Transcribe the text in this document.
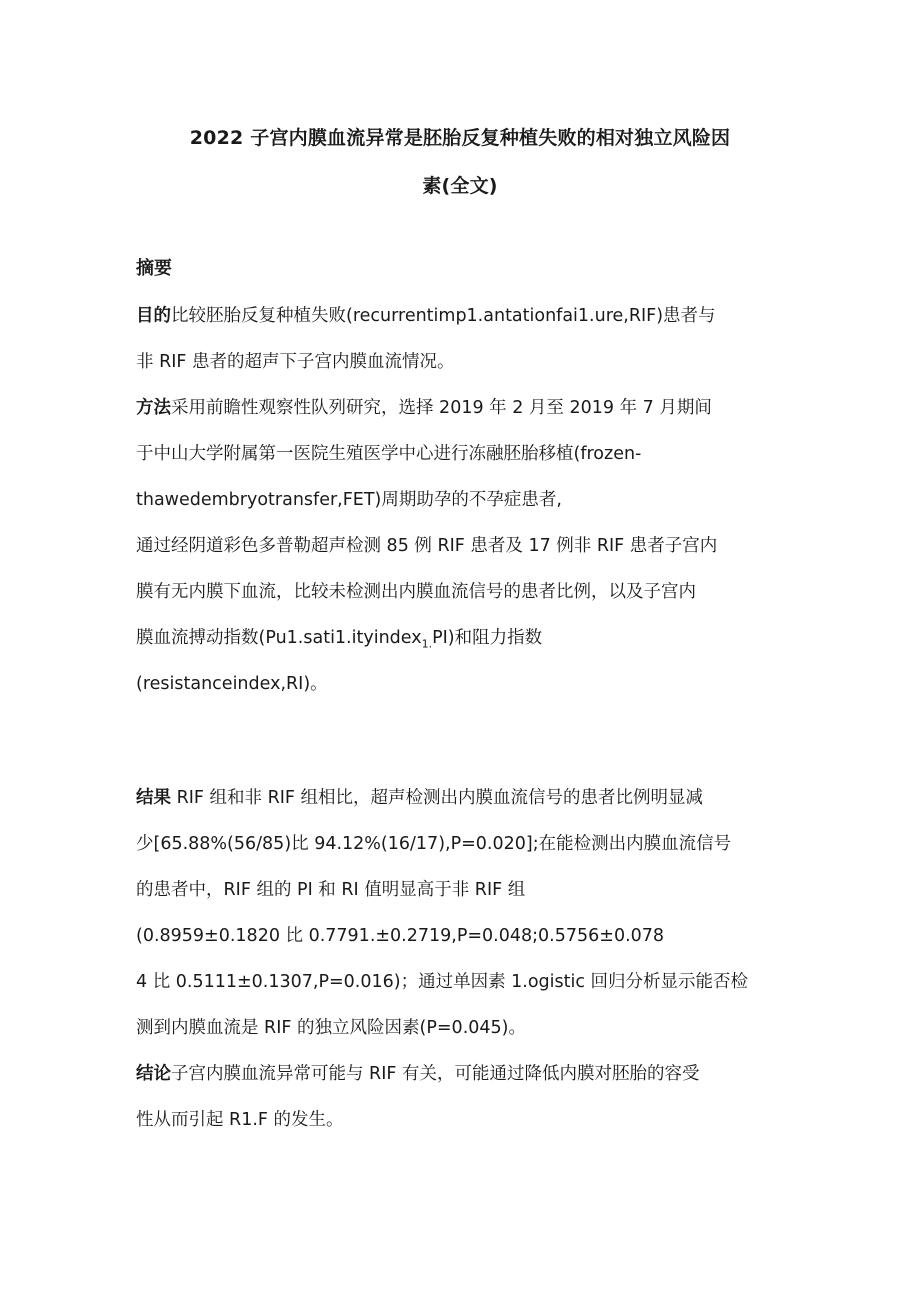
2022 子宫内膜血流异常是胚胎反复种植失败的相对独立风险因
素(全文)
摘要
目的比较胚胎反复种植失败(recurrentimp1.antationfai1.ure,RIF)患者与
非 RIF 患者的超声下子宫内膜血流情况。
方法采用前瞻性观察性队列研究，选择 2019 年 2 月至 2019 年 7 月期间
于中山大学附属第一医院生殖医学中心进行冻融胚胎移植(frozen-
thawedembryotransfer,FET)周期助孕的不孕症患者,
通过经阴道彩色多普勒超声检测 85 例 RIF 患者及 17 例非 RIF 患者子宫内
膜有无内膜下血流，比较未检测出内膜血流信号的患者比例，以及子宫内
膜血流搏动指数(Pu1.sati1.ityindex$_{1.}$PI)和阻力指数
(resistanceindex,RI)。
结果 RIF 组和非 RIF 组相比，超声检测出内膜血流信号的患者比例明显减
少[65.88%(56/85)比 94.12%(16/17),P=0.020];在能检测出内膜血流信号
的患者中，RIF 组的 PI 和 RI 值明显高于非 RIF 组
(0.8959±0.1820 比 0.7791.±0.2719,P=0.048;0.5756±0.078
4 比 0.5111±0.1307,P=0.016)；通过单因素 1.ogistic 回归分析显示能否检
测到内膜血流是 RIF 的独立风险因素(P=0.045)。
结论子宫内膜血流异常可能与 RIF 有关，可能通过降低内膜对胚胎的容受
性从而引起 R1.F 的发生。
